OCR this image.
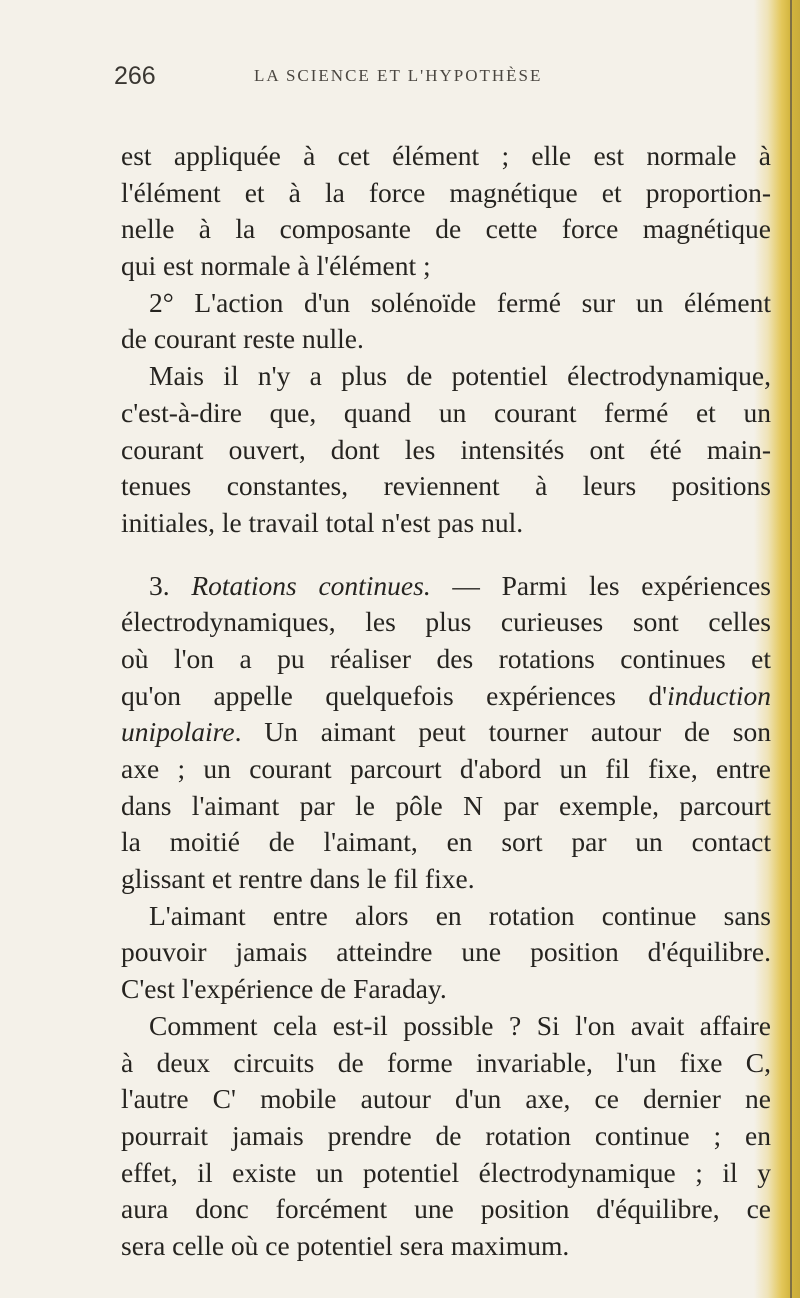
266	LA SCIENCE ET L'HYPOTHÈSE
est appliquée à cet élément ; elle est normale à
l'élément et à la force magnétique et proportion-
nelle à la composante de cette force magnétique
qui est normale à l'élément ;
2° L'action d'un solénoïde fermé sur un élément
de courant reste nulle.
Mais il n'y a plus de potentiel électrodynamique,
c'est-à-dire que, quand un courant fermé et un
courant ouvert, dont les intensités ont été main-
tenues constantes, reviennent à leurs positions
initiales, le travail total n'est pas nul.
3. Rotations continues. — Parmi les expériences
électrodynamiques, les plus curieuses sont celles
où l'on a pu réaliser des rotations continues et
qu'on appelle quelquefois expériences d'induction
unipolaire. Un aimant peut tourner autour de son
axe ; un courant parcourt d'abord un fil fixe, entre
dans l'aimant par le pôle N par exemple, parcourt
la moitié de l'aimant, en sort par un contact
glissant et rentre dans le fil fixe.
L'aimant entre alors en rotation continue sans
pouvoir jamais atteindre une position d'équilibre.
C'est l'expérience de Faraday.
Comment cela est-il possible ? Si l'on avait affaire
à deux circuits de forme invariable, l'un fixe C,
l'autre C' mobile autour d'un axe, ce dernier ne
pourrait jamais prendre de rotation continue ; en
effet, il existe un potentiel électrodynamique ; il y
aura donc forcément une position d'équilibre, ce
sera celle où ce potentiel sera maximum.
